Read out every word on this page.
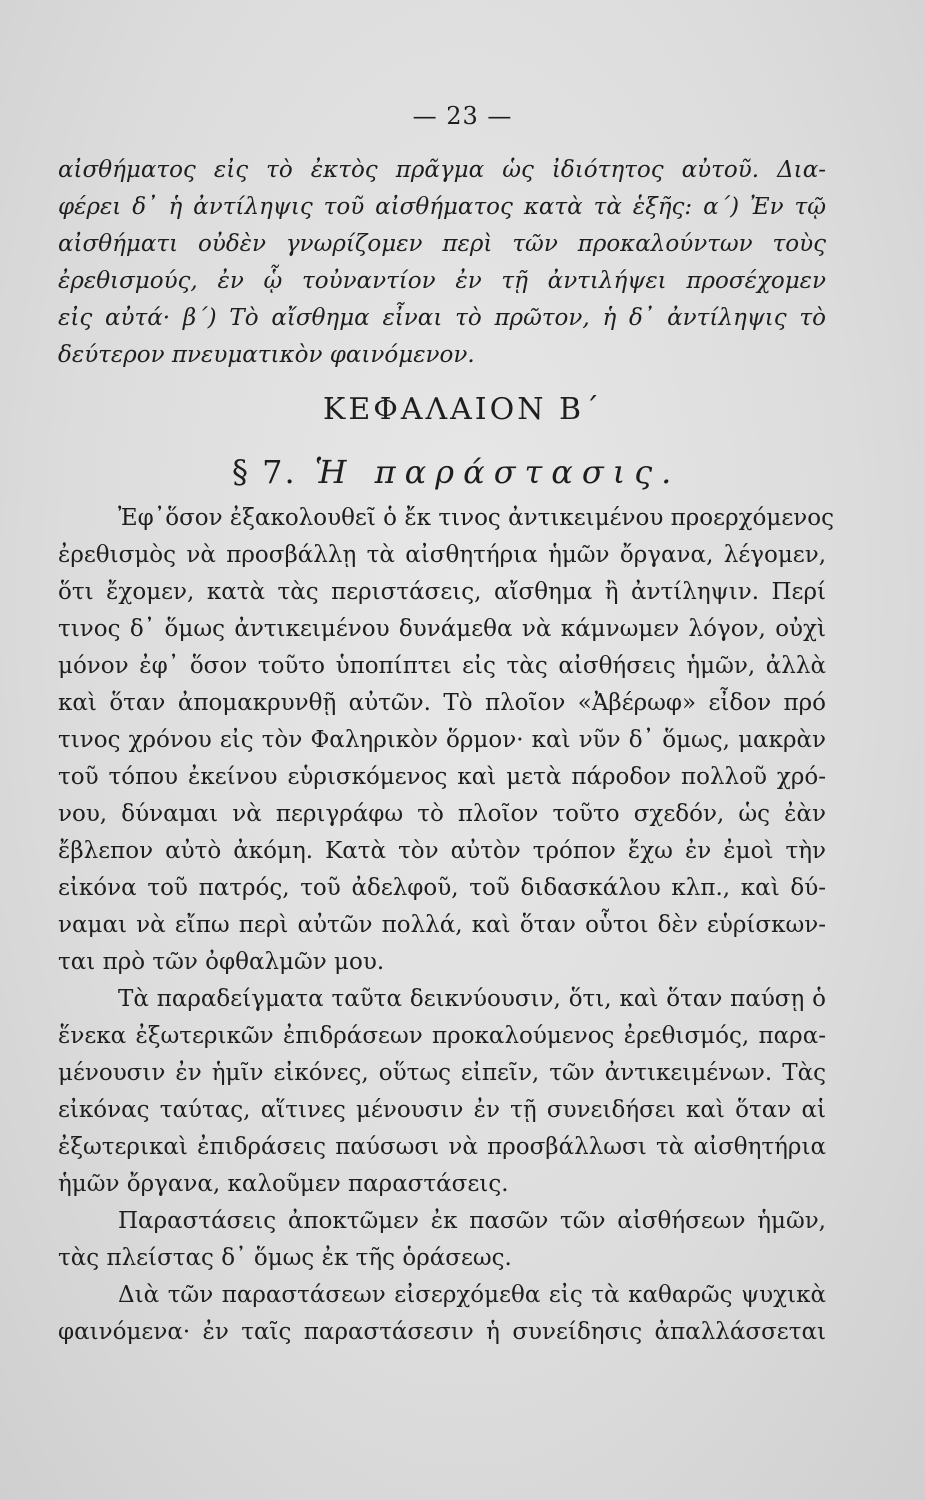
— 23 —
αἰσθήματος εἰς τὸ ἐκτὸς πρᾶγμα ὡς ἰδιότητος αὐτοῦ. Δια-
φέρει δ᾽ ἡ ἀντίληψις τοῦ αἰσθήματος κατὰ τὰ ἑξῆς: α΄) Ἐν τῷ
αἰσθήματι οὐδὲν γνωρίζομεν περὶ τῶν προκαλούντων τοὺς
ἐρεθισμούς, ἐν ᾧ τοὐναντίον ἐν τῇ ἀντιλήψει προσέχομεν
εἰς αὐτά· β΄) Τὸ αἴσθημα εἶναι τὸ πρῶτον, ἡ δ᾽ ἀντίληψις τὸ
δεύτερον πνευματικὸν φαινόμενον.
ΚΕΦΑΛΑΙΟΝ Β΄
§ 7. Ἡ παράστασις.
Ἐφ᾽ὅσον ἐξακολουθεῖ ὁ ἔκ τινος ἀντικειμένου προερχόμενος
ἐρεθισμὸς νὰ προσβάλλῃ τὰ αἰσθητήρια ἡμῶν ὄργανα, λέγομεν,
ὅτι ἔχομεν, κατὰ τὰς περιστάσεις, αἴσθημα ἢ ἀντίληψιν. Περί
τινος δ᾽ ὅμως ἀντικειμένου δυνάμεθα νὰ κάμνωμεν λόγον, οὐχὶ
μόνον ἐφ᾽ ὅσον τοῦτο ὑποπίπτει εἰς τὰς αἰσθήσεις ἡμῶν, ἀλλὰ
καὶ ὅταν ἀπομακρυνθῇ αὐτῶν. Τὸ πλοῖον «Ἀβέρωφ» εἶδον πρό
τινος χρόνου εἰς τὸν Φαληρικὸν ὅρμον· καὶ νῦν δ᾽ ὅμως, μακρὰν
τοῦ τόπου ἐκείνου εὑρισκόμενος καὶ μετὰ πάροδον πολλοῦ χρό-
νου, δύναμαι νὰ περιγράφω τὸ πλοῖον τοῦτο σχεδόν, ὡς ἐὰν
ἔβλεπον αὐτὸ ἀκόμη. Κατὰ τὸν αὐτὸν τρόπον ἔχω ἐν ἐμοὶ τὴν
εἰκόνα τοῦ πατρός, τοῦ ἀδελφοῦ, τοῦ διδασκάλου κλπ., καὶ δύ-
ναμαι νὰ εἴπω περὶ αὐτῶν πολλά, καὶ ὅταν οὗτοι δὲν εὑρίσκων-
ται πρὸ τῶν ὀφθαλμῶν μου.
Τὰ παραδείγματα ταῦτα δεικνύουσιν, ὅτι, καὶ ὅταν παύσῃ ὁ
ἕνεκα ἐξωτερικῶν ἐπιδράσεων προκαλούμενος ἐρεθισμός, παρα-
μένουσιν ἐν ἡμῖν εἰκόνες, οὕτως εἰπεῖν, τῶν ἀντικειμένων. Τὰς
εἰκόνας ταύτας, αἵτινες μένουσιν ἐν τῇ συνειδήσει καὶ ὅταν αἱ
ἐξωτερικαὶ ἐπιδράσεις παύσωσι νὰ προσβάλλωσι τὰ αἰσθητήρια
ἡμῶν ὄργανα, καλοῦμεν παραστάσεις.
Παραστάσεις ἀποκτῶμεν ἐκ πασῶν τῶν αἰσθήσεων ἡμῶν,
τὰς πλείστας δ᾽ ὅμως ἐκ τῆς ὁράσεως.
Διὰ τῶν παραστάσεων εἰσερχόμεθα εἰς τὰ καθαρῶς ψυχικὰ
φαινόμενα· ἐν ταῖς παραστάσεσιν ἡ συνείδησις ἀπαλλάσσεται
